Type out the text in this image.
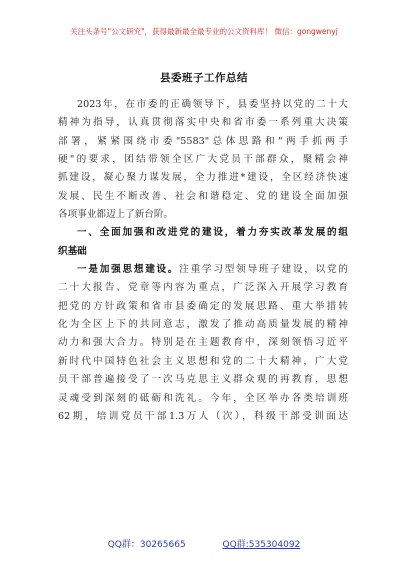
关注头条号"公文研究"，获得最新最全最专业的公文资料库！ 微信：gongwenyj
县委班子工作总结
2023年，在市委的正确领导下，县委坚持以党的二十大
精神为指导，认真贯彻落实中央和省市委一系列重大决策
部署，紧紧围绕市委"5583"总体思路和"两手抓两手
硬"的要求，团结带领全区广大党员干部群众，聚精会神
抓建设，凝心聚力谋发展，全力推进*建设，全区经济快速
发展、民生不断改善、社会和谐稳定、党的建设全面加强
各项事业都迈上了新台阶。
一、全面加强和改进党的建设，着力夯实改革发展的组
织基础
一是加强思想建设。注重学习型领导班子建设，以党的
二十大报告、党章等内容为重点，广泛深入开展学习教育
把党的方针政策和省市县委确定的发展思路、重大举措转
化为全区上下的共同意志，激发了推动高质量发展的精神
动力和强大合力。特别是在主题教育中，深刻领悟习近平
新时代中国特色社会主义思想和党的二十大精神，广大党
员干部普遍接受了一次马克思主义群众观的再教育，思想
灵魂受到深刻的砥砺和洗礼。今年，全区举办各类培训班
62期，培训党员干部1.3万人（次），科级干部受训面达
QQ群：30265665	QQ群:535304092
